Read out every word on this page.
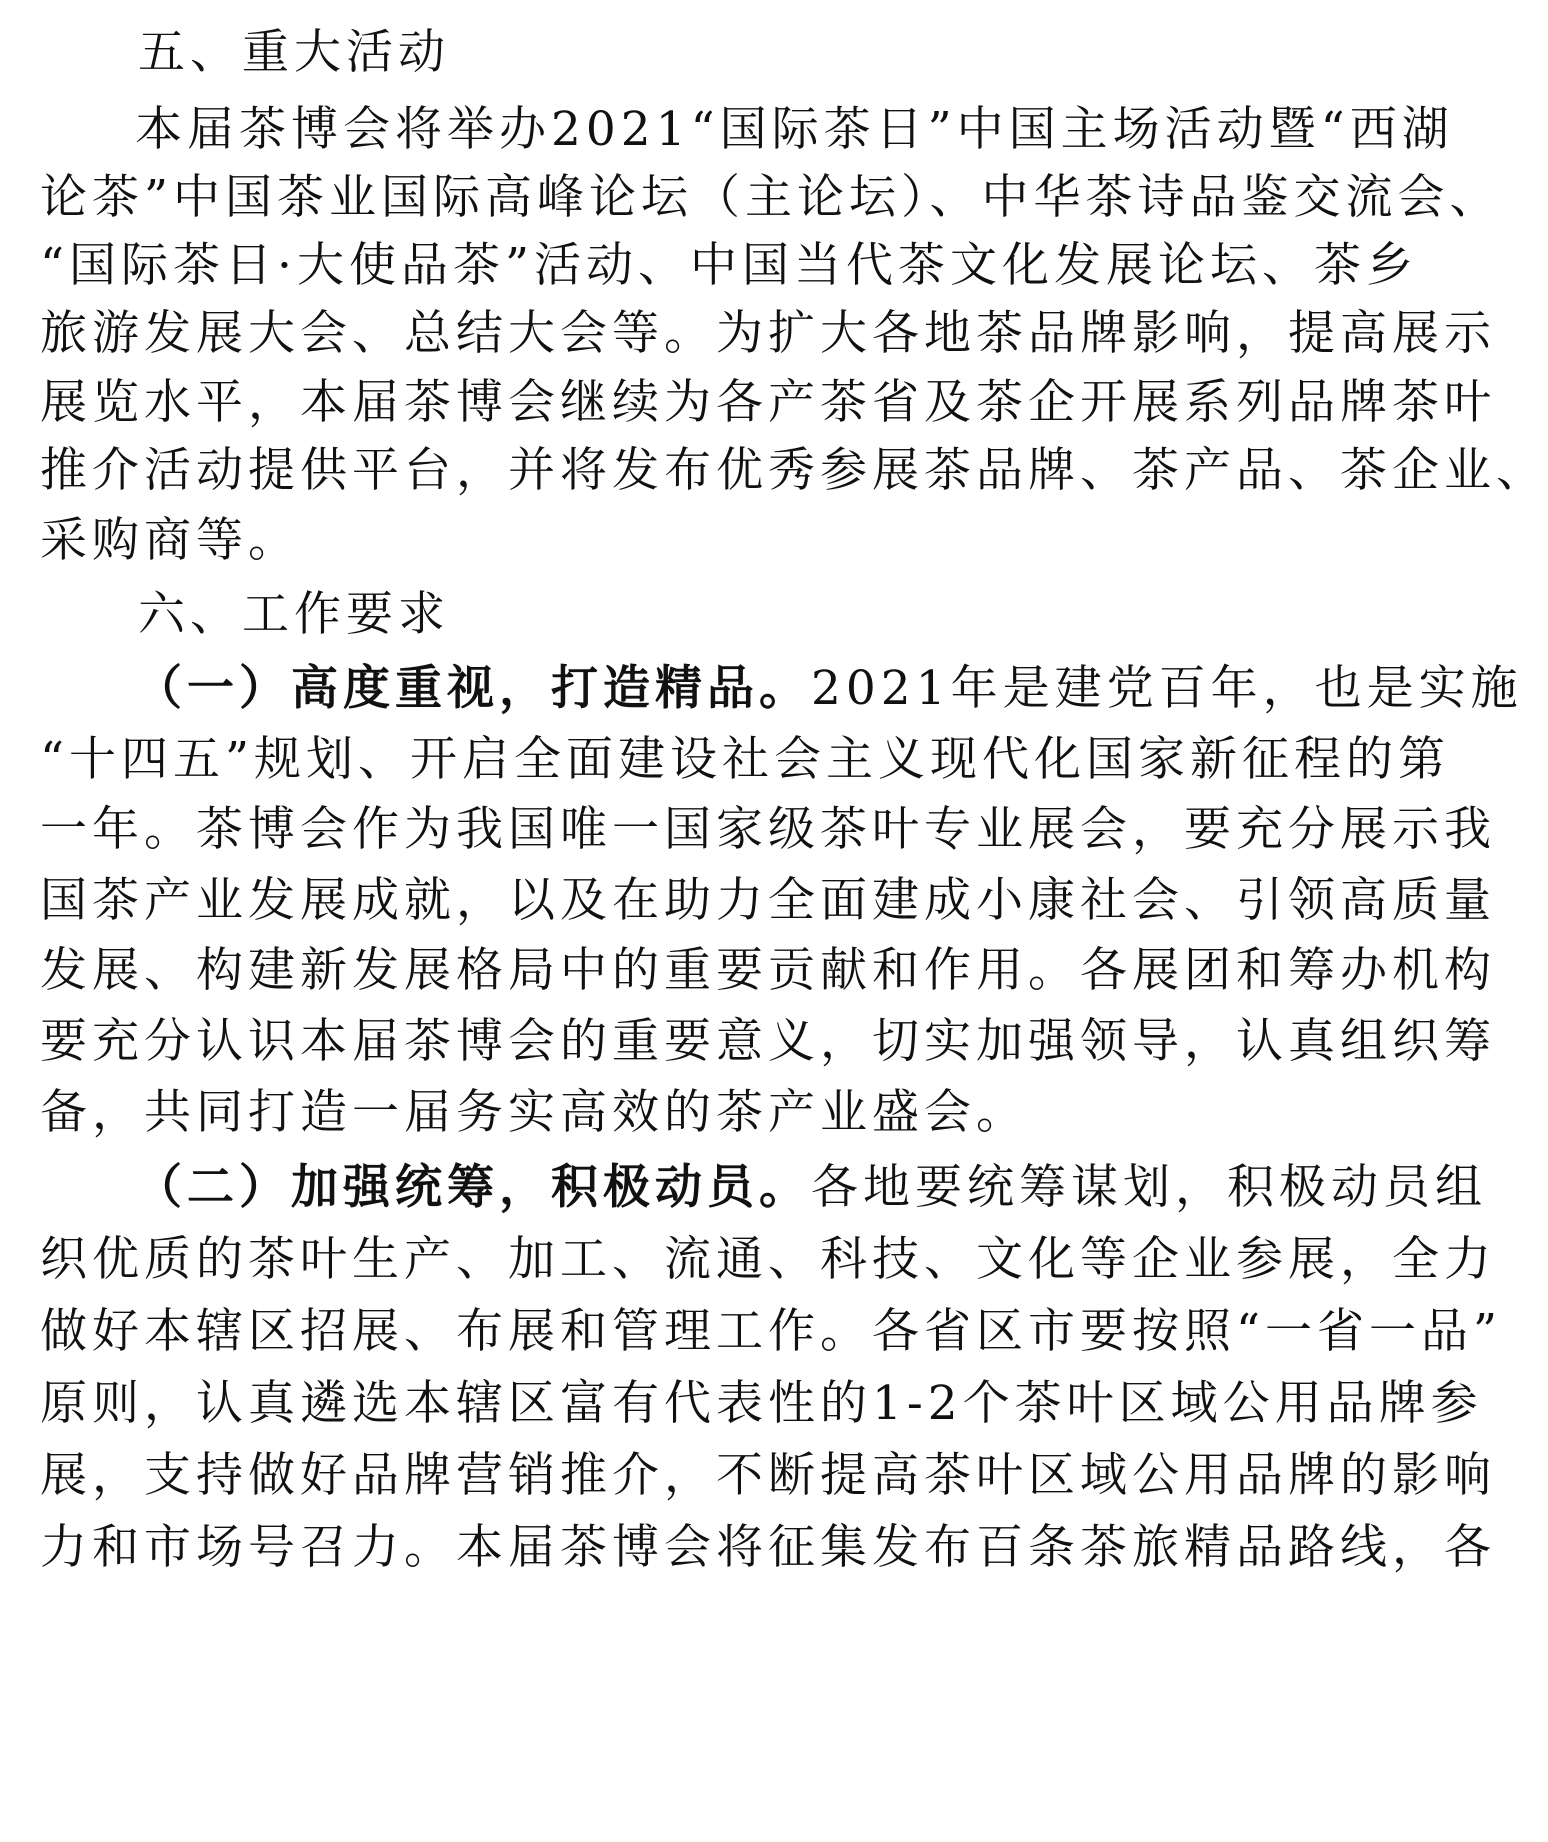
五、重大活动
本届茶博会将举办2021“国际茶日”中国主场活动暨“西湖
论茶”中国茶业国际高峰论坛（主论坛）、中华茶诗品鉴交流会、
“国际茶日·大使品茶”活动、中国当代茶文化发展论坛、茶乡
旅游发展大会、总结大会等。为扩大各地茶品牌影响，提高展示
展览水平，本届茶博会继续为各产茶省及茶企开展系列品牌茶叶
推介活动提供平台，并将发布优秀参展茶品牌、茶产品、茶企业、
采购商等。
六、工作要求
（一）高度重视，打造精品。2021年是建党百年，也是实施
“十四五”规划、开启全面建设社会主义现代化国家新征程的第
一年。茶博会作为我国唯一国家级茶叶专业展会，要充分展示我
国茶产业发展成就，以及在助力全面建成小康社会、引领高质量
发展、构建新发展格局中的重要贡献和作用。各展团和筹办机构
要充分认识本届茶博会的重要意义，切实加强领导，认真组织筹
备，共同打造一届务实高效的茶产业盛会。
（二）加强统筹，积极动员。各地要统筹谋划，积极动员组
织优质的茶叶生产、加工、流通、科技、文化等企业参展，全力
做好本辖区招展、布展和管理工作。各省区市要按照“一省一品”
原则，认真遴选本辖区富有代表性的1-2个茶叶区域公用品牌参
展，支持做好品牌营销推介，不断提高茶叶区域公用品牌的影响
力和市场号召力。本届茶博会将征集发布百条茶旅精品路线，各
